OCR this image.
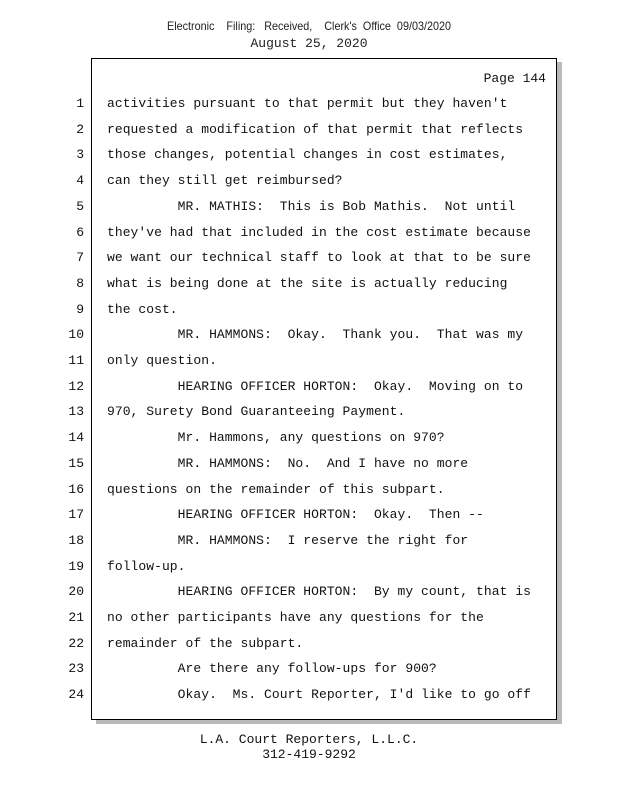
Electronic    Filing:   Received,    Clerk's  Office  09/03/2020
August 25, 2020
Page 144
1 activities pursuant to that permit but they haven't
2 requested a modification of that permit that reflects
3 those changes, potential changes in cost estimates,
4 can they still get reimbursed?
5 MR. MATHIS:  This is Bob Mathis.  Not until
6 they've had that included in the cost estimate because
7 we want our technical staff to look at that to be sure
8 what is being done at the site is actually reducing
9 the cost.
10 MR. HAMMONS:  Okay.  Thank you.  That was my
11 only question.
12 HEARING OFFICER HORTON:  Okay.  Moving on to
13 970, Surety Bond Guaranteeing Payment.
14 Mr. Hammons, any questions on 970?
15 MR. HAMMONS:  No.  And I have no more
16 questions on the remainder of this subpart.
17 HEARING OFFICER HORTON:  Okay.  Then --
18 MR. HAMMONS:  I reserve the right for
19 follow-up.
20 HEARING OFFICER HORTON:  By my count, that is
21 no other participants have any questions for the
22 remainder of the subpart.
23 Are there any follow-ups for 900?
24 Okay.  Ms. Court Reporter, I'd like to go off
L.A. Court Reporters, L.L.C.
312-419-9292
